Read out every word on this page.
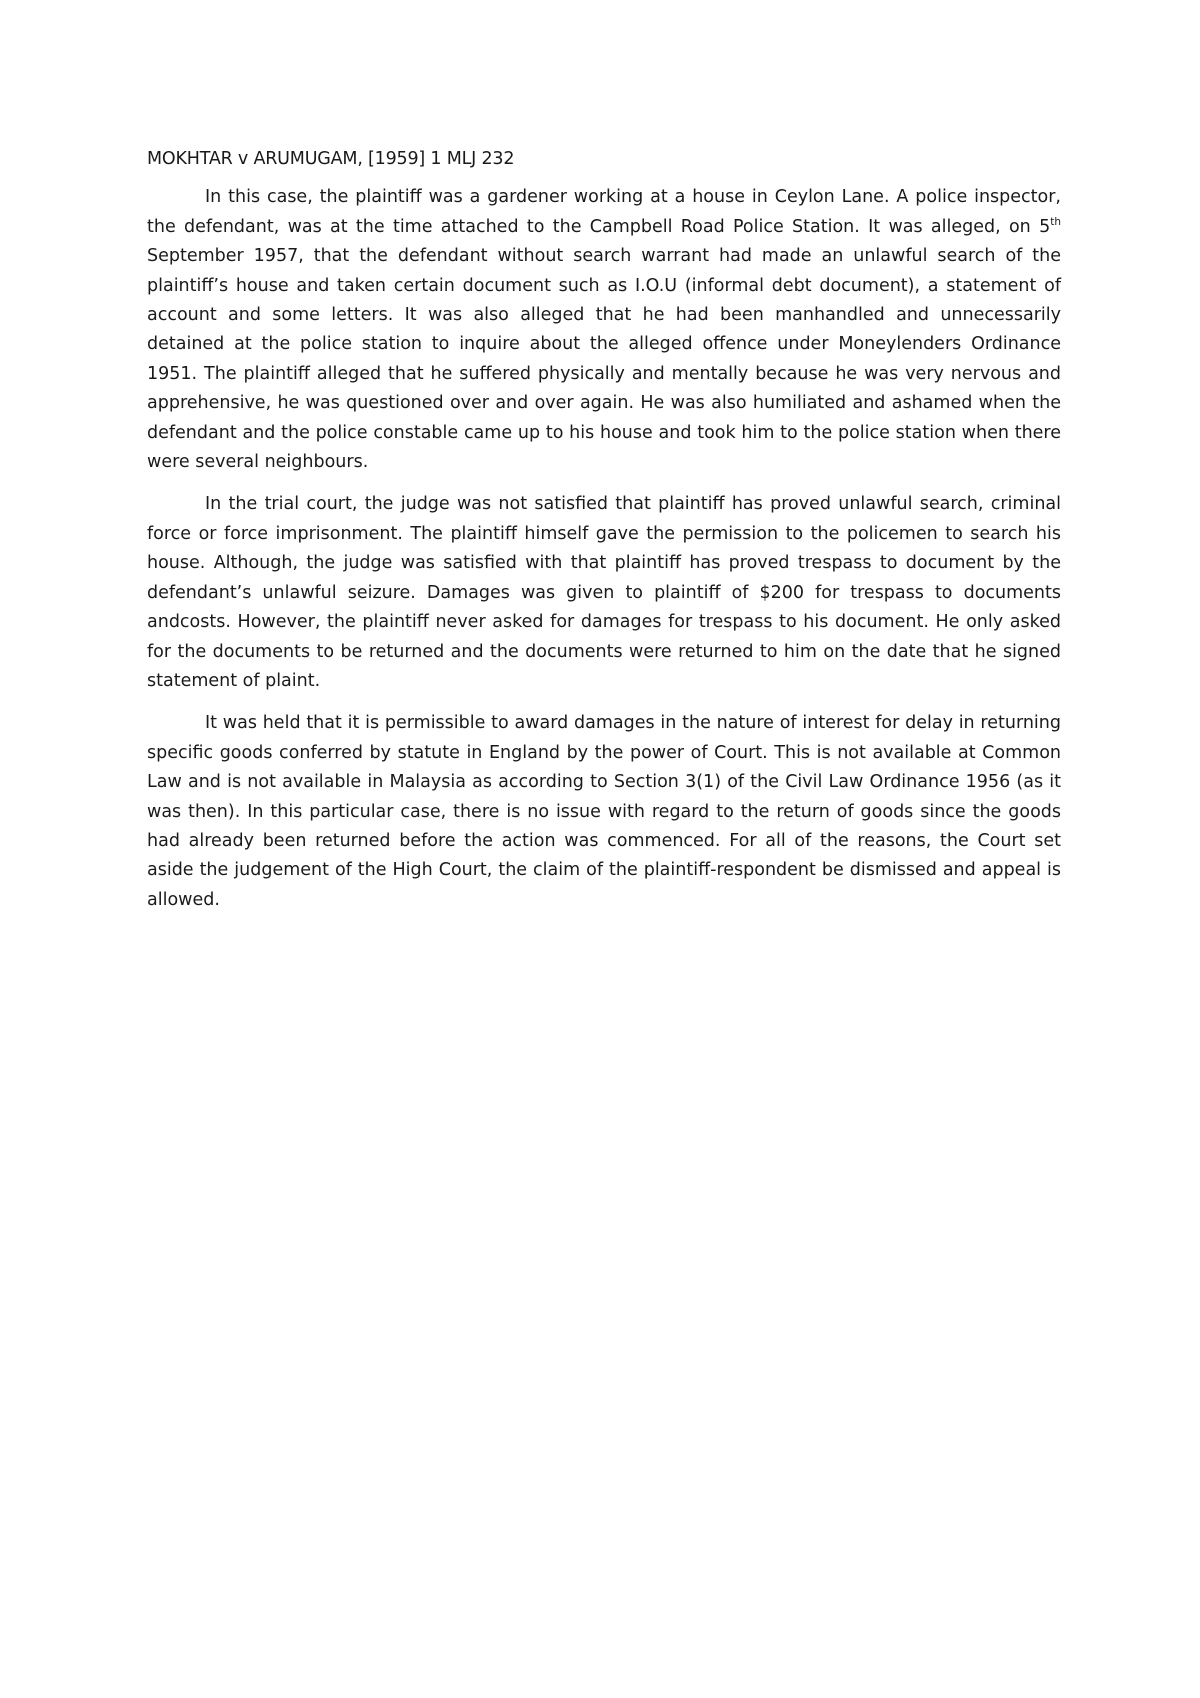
MOKHTAR v ARUMUGAM, [1959] 1 MLJ 232

In this case, the plaintiff was a gardener working at a house in Ceylon Lane. A police inspector, the defendant, was at the time attached to the Campbell Road Police Station. It was alleged, on 5th September 1957, that the defendant without search warrant had made an unlawful search of the plaintiff’s house and taken certain document such as I.O.U (informal debt document), a statement of account and some letters. It was also alleged that he had been manhandled and unnecessarily detained at the police station to inquire about the alleged offence under Moneylenders Ordinance 1951. The plaintiff alleged that he suffered physically and mentally because he was very nervous and apprehensive, he was questioned over and over again. He was also humiliated and ashamed when the defendant and the police constable came up to his house and took him to the police station when there were several neighbours.

In the trial court, the judge was not satisfied that plaintiff has proved unlawful search, criminal force or force imprisonment. The plaintiff himself gave the permission to the policemen to search his house. Although, the judge was satisfied with that plaintiff has proved trespass to document by the defendant’s unlawful seizure. Damages was given to plaintiff of $200 for trespass to documents andcosts. However, the plaintiff never asked for damages for trespass to his document. He only asked for the documents to be returned and the documents were returned to him on the date that he signed statement of plaint.

It was held that it is permissible to award damages in the nature of interest for delay in returning specific goods conferred by statute in England by the power of Court. This is not available at Common Law and is not available in Malaysia as according to Section 3(1) of the Civil Law Ordinance 1956 (as it was then). In this particular case, there is no issue with regard to the return of goods since the goods had already been returned before the action was commenced. For all of the reasons, the Court set aside the judgement of the High Court, the claim of the plaintiff-respondent be dismissed and appeal is allowed.
